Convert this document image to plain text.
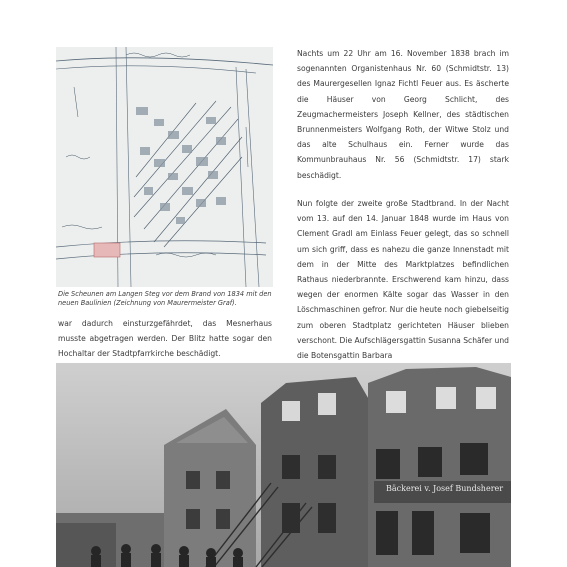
Die Scheunen am Langen Steg vor dem Brand von 1834 mit den neuen Baulinien (Zeichnung von Maurermeister Graf).

Nachts um 22 Uhr am 16. November 1838 brach im sogenannten Organistenhaus Nr. 60 (Schmidtstr. 13) des Maurergesellen Ignaz Fichtl Feuer aus. Es äscherte die Häuser von Georg Schlicht, des Zeugmachermeisters Joseph Kellner, des städtischen Brunnenmeisters Wolfgang Roth, der Witwe Stolz und das alte Schulhaus ein. Ferner wurde das Kommunbrauhaus Nr. 56 (Schmidtstr. 17) stark beschädigt.

Nun folgte der zweite große Stadtbrand. In der Nacht vom 13. auf den 14. Januar 1848 wurde im Haus von Clement Gradl am Einlass Feuer gelegt, das so schnell um sich griff, dass es nahezu die ganze Innenstadt mit dem in der Mitte des Marktplatzes befindlichen Rathaus niederbrannte. Erschwerend kam hinzu, dass wegen der enormen Kälte sogar das Wasser in den Löschmaschinen gefror. Nur die heute noch giebelseitig zum oberen Stadtplatz gerichteten Häuser blieben verschont. Die Aufschlägersgattin Susanna Schäfer und die Botensgattin Barbara

war dadurch einsturzgefährdet, das Mesnerhaus musste abgetragen werden. Der Blitz hatte sogar den Hochaltar der Stadtpfarrkirche beschädigt.

Bäckerei v. Josef Bundsherer
